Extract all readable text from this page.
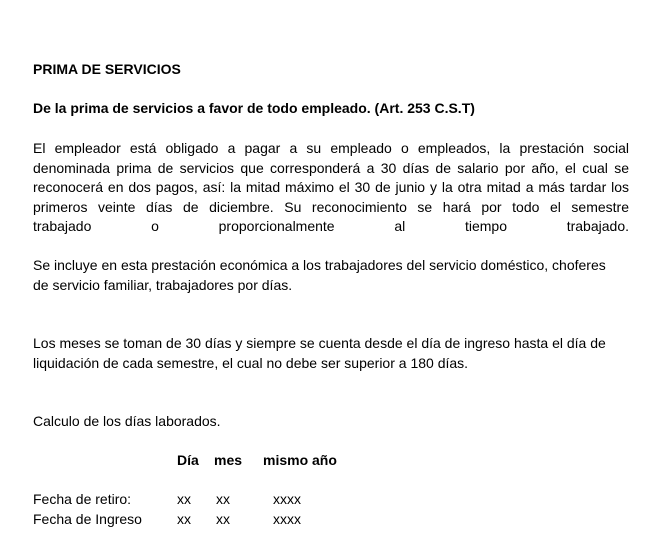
PRIMA DE SERVICIOS
De la prima de servicios a favor de todo empleado. (Art. 253 C.S.T)
El empleador está obligado a pagar a su empleado o empleados, la prestación social
denominada prima de servicios que corresponderá a 30 días de salario por año, el cual se
reconocerá en dos pagos, así: la mitad máximo el 30 de junio y la otra mitad a más tardar los
primeros veinte días de diciembre. Su reconocimiento se hará por todo el semestre
trabajado o proporcionalmente al tiempo trabajado.
Se incluye en esta prestación económica a los trabajadores del servicio doméstico, choferes
de servicio familiar, trabajadores por días.
Los meses se toman de 30 días y siempre se cuenta desde el día de ingreso hasta el día de
liquidación de cada semestre, el cual no debe ser superior a 180 días.
Calculo de los días laborados.
Día mes mismo año
Fecha de retiro:	xx xx	xxxx
Fecha de Ingreso	xx xx	xxxx
